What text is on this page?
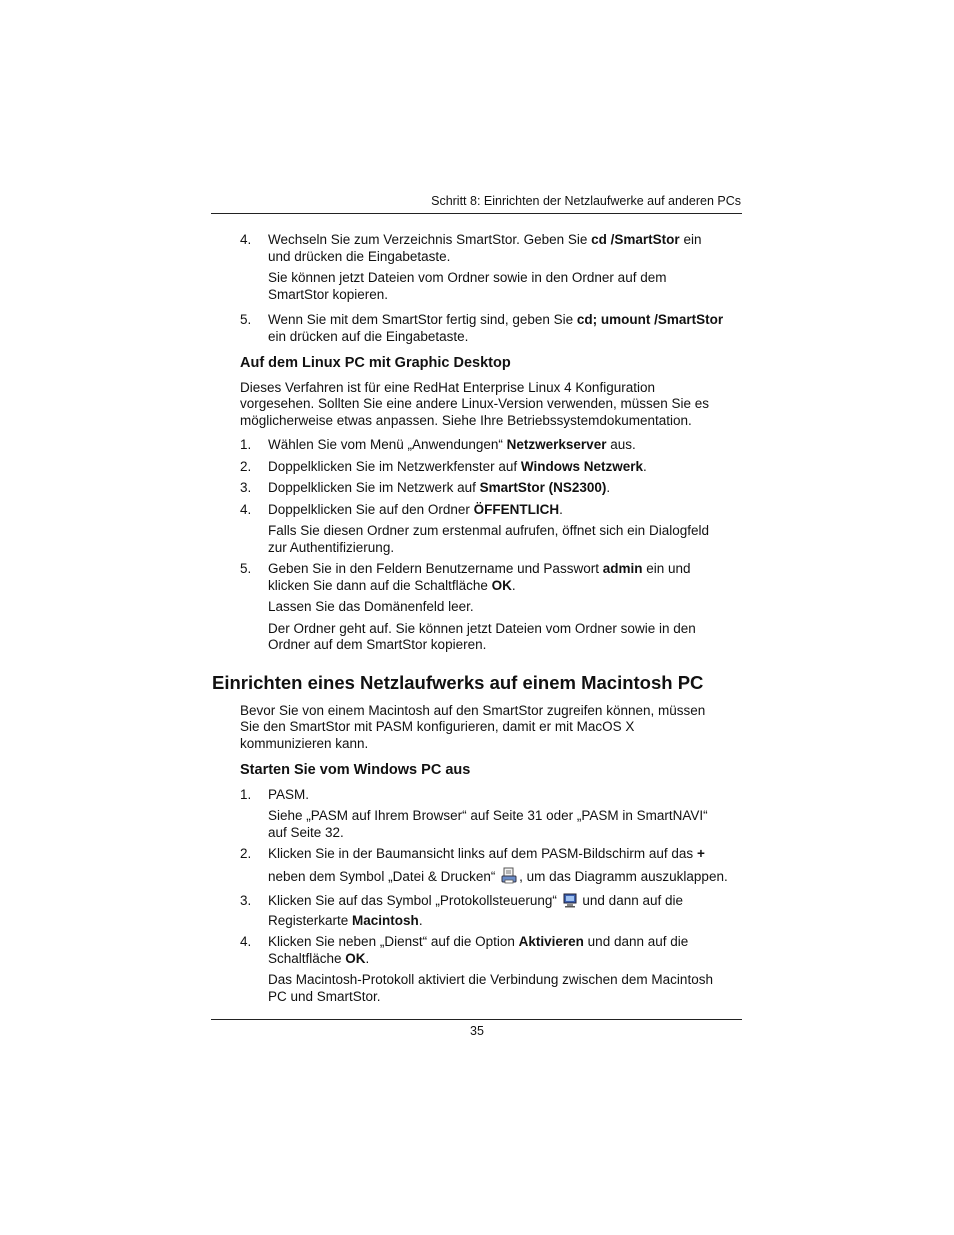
Schritt 8: Einrichten der Netzlaufwerke auf anderen PCs
4. Wechseln Sie zum Verzeichnis SmartStor. Geben Sie cd /SmartStor ein
und drücken die Eingabetaste.
Sie können jetzt Dateien vom Ordner sowie in den Ordner auf dem
SmartStor kopieren.
5. Wenn Sie mit dem SmartStor fertig sind, geben Sie cd; umount /SmartStor
ein drücken auf die Eingabetaste.
Auf dem Linux PC mit Graphic Desktop
Dieses Verfahren ist für eine RedHat Enterprise Linux 4 Konfiguration
vorgesehen. Sollten Sie eine andere Linux-Version verwenden, müssen Sie es
möglicherweise etwas anpassen. Siehe Ihre Betriebssystemdokumentation.
1. Wählen Sie vom Menü „Anwendungen“ Netzwerkserver aus.
2. Doppelklicken Sie im Netzwerkfenster auf Windows Netzwerk.
3. Doppelklicken Sie im Netzwerk auf SmartStor (NS2300).
4. Doppelklicken Sie auf den Ordner ÖFFENTLICH.
Falls Sie diesen Ordner zum erstenmal aufrufen, öffnet sich ein Dialogfeld
zur Authentifizierung.
5. Geben Sie in den Feldern Benutzername und Passwort admin ein und
klicken Sie dann auf die Schaltfläche OK.
Lassen Sie das Domänenfeld leer.
Der Ordner geht auf. Sie können jetzt Dateien vom Ordner sowie in den
Ordner auf dem SmartStor kopieren.
Einrichten eines Netzlaufwerks auf einem Macintosh PC
Bevor Sie von einem Macintosh auf den SmartStor zugreifen können, müssen
Sie den SmartStor mit PASM konfigurieren, damit er mit MacOS X
kommunizieren kann.
Starten Sie vom Windows PC aus
1. PASM.
Siehe „PASM auf Ihrem Browser“ auf Seite 31 oder „PASM in SmartNAVI“
auf Seite 32.
2. Klicken Sie in der Baumansicht links auf dem PASM-Bildschirm auf das +
neben dem Symbol „Datei & Drucken“ , um das Diagramm auszuklappen.
3. Klicken Sie auf das Symbol „Protokollsteuerung“  und dann auf die
Registerkarte Macintosh.
4. Klicken Sie neben „Dienst“ auf die Option Aktivieren und dann auf die
Schaltfläche OK.
Das Macintosh-Protokoll aktiviert die Verbindung zwischen dem Macintosh
PC und SmartStor.
35
